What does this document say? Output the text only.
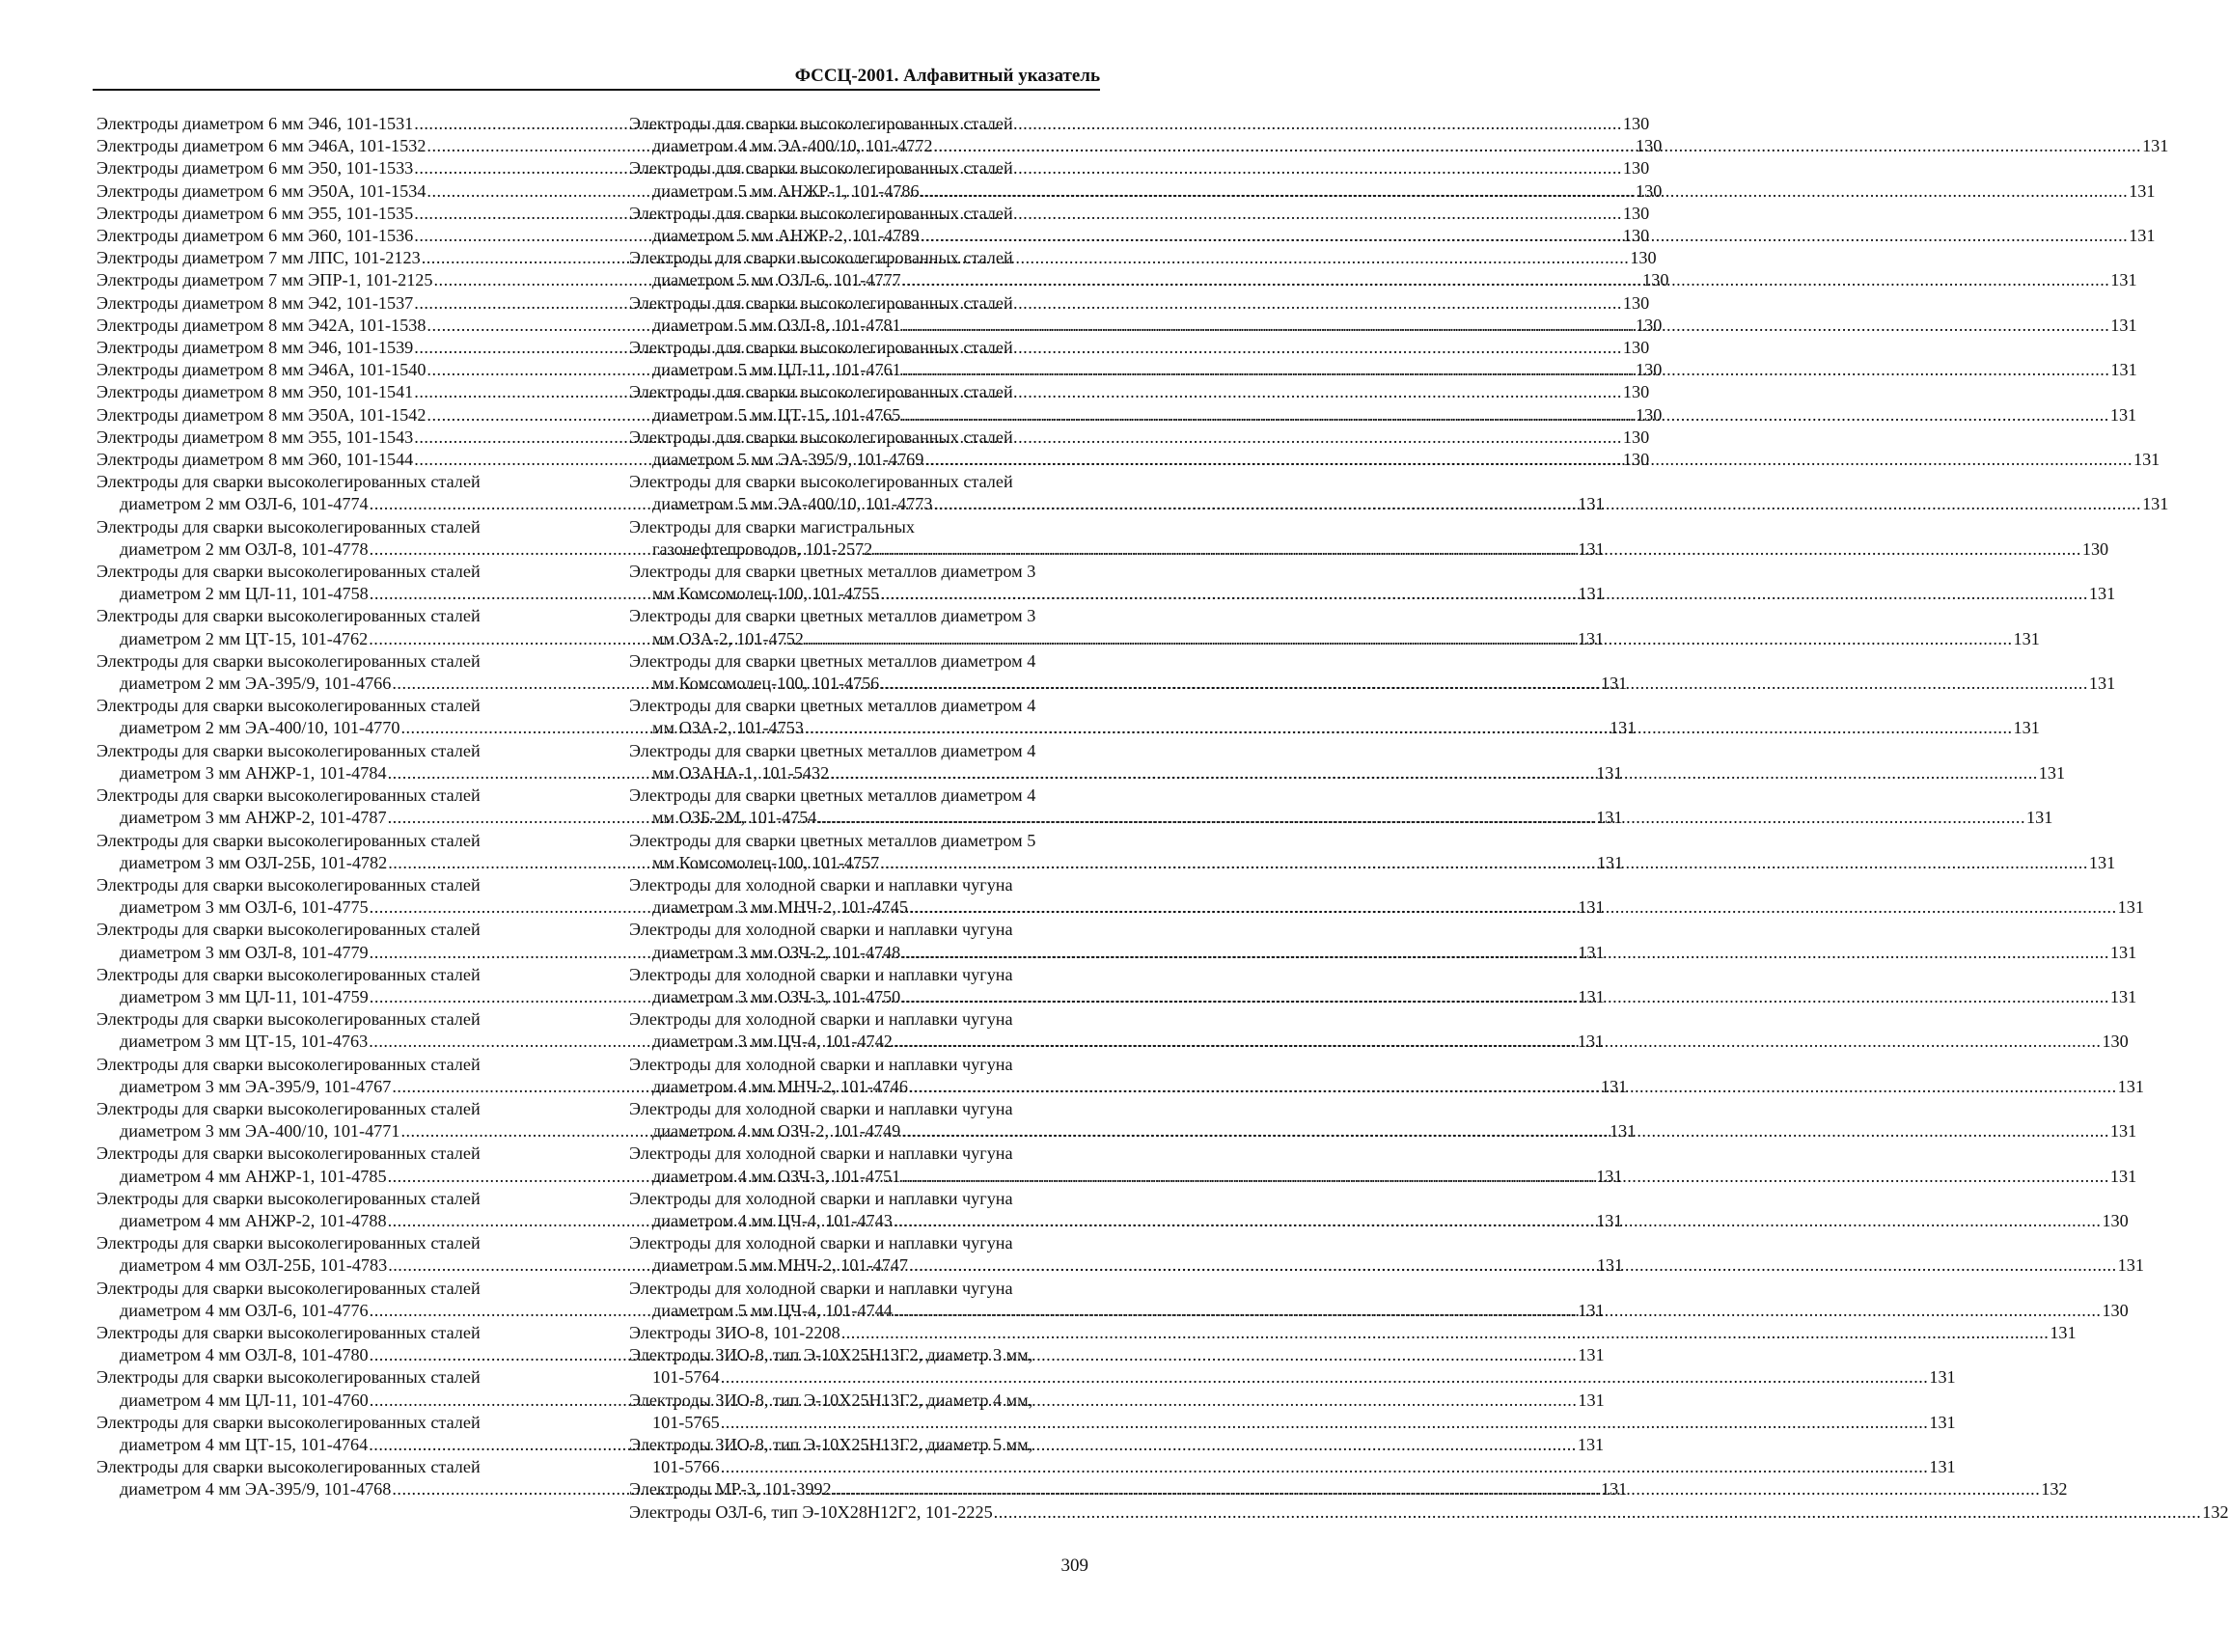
ФССЦ-2001. Алфавитный указатель
Электроды диаметром 6 мм Э46, 101-1531 .....	130
Электроды диаметром 6 мм Э46А, 101-1532 .....	130
Электроды диаметром 6 мм Э50, 101-1533 .....	130
Электроды диаметром 6 мм Э50А, 101-1534 .....	130
Электроды диаметром 6 мм Э55, 101-1535 .....	130
Электроды диаметром 6 мм Э60, 101-1536 .....	130
Электроды диаметром 7 мм ЛПС, 101-2123 .....	130
Электроды диаметром 7 мм ЭПР-1, 101-2125 .....	130
Электроды диаметром 8 мм Э42, 101-1537 .....	130
Электроды диаметром 8 мм Э42А, 101-1538 .....	130
Электроды диаметром 8 мм Э46, 101-1539 .....	130
Электроды диаметром 8 мм Э46А, 101-1540 .....	130
Электроды диаметром 8 мм Э50, 101-1541 .....	130
Электроды диаметром 8 мм Э50А, 101-1542 .....	130
Электроды диаметром 8 мм Э55, 101-1543 .....	130
Электроды диаметром 8 мм Э60, 101-1544 .....	130
Электроды для сварки высоколегированных сталей
диаметром 2 мм ОЗЛ-6, 101-4774 .....	131
Электроды для сварки высоколегированных сталей
диаметром 2 мм ОЗЛ-8, 101-4778 .....	131
Электроды для сварки высоколегированных сталей
диаметром 2 мм ЦЛ-11, 101-4758 .....	131
Электроды для сварки высоколегированных сталей
диаметром 2 мм ЦТ-15, 101-4762 .....	131
Электроды для сварки высоколегированных сталей
диаметром 2 мм ЭА-395/9, 101-4766 .....	131
Электроды для сварки высоколегированных сталей
диаметром 2 мм ЭА-400/10, 101-4770 .....	131
Электроды для сварки высоколегированных сталей
диаметром 3 мм АНЖР-1, 101-4784 .....	131
Электроды для сварки высоколегированных сталей
диаметром 3 мм АНЖР-2, 101-4787 .....	131
Электроды для сварки высоколегированных сталей
диаметром 3 мм ОЗЛ-25Б, 101-4782 .....	131
Электроды для сварки высоколегированных сталей
диаметром 3 мм ОЗЛ-6, 101-4775 .....	131
Электроды для сварки высоколегированных сталей
диаметром 3 мм ОЗЛ-8, 101-4779 .....	131
Электроды для сварки высоколегированных сталей
диаметром 3 мм ЦЛ-11, 101-4759 .....	131
Электроды для сварки высоколегированных сталей
диаметром 3 мм ЦТ-15, 101-4763 .....	131
Электроды для сварки высоколегированных сталей
диаметром 3 мм ЭА-395/9, 101-4767 .....	131
Электроды для сварки высоколегированных сталей
диаметром 3 мм ЭА-400/10, 101-4771 .....	131
Электроды для сварки высоколегированных сталей
диаметром 4 мм АНЖР-1, 101-4785 .....	131
Электроды для сварки высоколегированных сталей
диаметром 4 мм АНЖР-2, 101-4788 .....	131
Электроды для сварки высоколегированных сталей
диаметром 4 мм ОЗЛ-25Б, 101-4783 .....	131
Электроды для сварки высоколегированных сталей
диаметром 4 мм ОЗЛ-6, 101-4776 .....	131
Электроды для сварки высоколегированных сталей
диаметром 4 мм ОЗЛ-8, 101-4780 .....	131
Электроды для сварки высоколегированных сталей
диаметром 4 мм ЦЛ-11, 101-4760 .....	131
Электроды для сварки высоколегированных сталей
диаметром 4 мм ЦТ-15, 101-4764 .....	131
Электроды для сварки высоколегированных сталей
диаметром 4 мм ЭА-395/9, 101-4768 .....	131
Электроды для сварки высоколегированных сталей
диаметром 4 мм ЭА-400/10, 101-4772 .....	131
Электроды для сварки высоколегированных сталей
диаметром 5 мм АНЖР-1, 101-4786 .....	131
Электроды для сварки высоколегированных сталей
диаметром 5 мм АНЖР-2, 101-4789 .....	131
Электроды для сварки высоколегированных сталей
диаметром 5 мм ОЗЛ-6, 101-4777 .....	131
Электроды для сварки высоколегированных сталей
диаметром 5 мм ОЗЛ-8, 101-4781 .....	131
Электроды для сварки высоколегированных сталей
диаметром 5 мм ЦЛ-11, 101-4761 .....	131
Электроды для сварки высоколегированных сталей
диаметром 5 мм ЦТ-15, 101-4765 .....	131
Электроды для сварки высоколегированных сталей
диаметром 5 мм ЭА-395/9, 101-4769 .....	131
Электроды для сварки высоколегированных сталей
диаметром 5 мм ЭА-400/10, 101-4773 .....	131
Электроды для сварки магистральных
газонефтепроводов, 101-2572 .....	130
Электроды для сварки цветных металлов диаметром 3
мм Комсомолец-100, 101-4755 .....	131
Электроды для сварки цветных металлов диаметром 3
мм ОЗА-2, 101-4752 .....	131
Электроды для сварки цветных металлов диаметром 4
мм Комсомолец-100, 101-4756 .....	131
Электроды для сварки цветных металлов диаметром 4
мм ОЗА-2, 101-4753 .....	131
Электроды для сварки цветных металлов диаметром 4
мм ОЗАНА-1, 101-5432 .....	131
Электроды для сварки цветных металлов диаметром 4
мм ОЗБ-2М, 101-4754 .....	131
Электроды для сварки цветных металлов диаметром 5
мм Комсомолец-100, 101-4757 .....	131
Электроды для холодной сварки и наплавки чугуна
диаметром 3 мм МНЧ-2, 101-4745 .....	131
Электроды для холодной сварки и наплавки чугуна
диаметром 3 мм ОЗЧ-2, 101-4748 .....	131
Электроды для холодной сварки и наплавки чугуна
диаметром 3 мм ОЗЧ-3, 101-4750 .....	131
Электроды для холодной сварки и наплавки чугуна
диаметром 3 мм ЦЧ-4, 101-4742 .....	130
Электроды для холодной сварки и наплавки чугуна
диаметром 4 мм МНЧ-2, 101-4746 .....	131
Электроды для холодной сварки и наплавки чугуна
диаметром 4 мм ОЗЧ-2, 101-4749 .....	131
Электроды для холодной сварки и наплавки чугуна
диаметром 4 мм ОЗЧ-3, 101-4751 .....	131
Электроды для холодной сварки и наплавки чугуна
диаметром 4 мм ЦЧ-4, 101-4743 .....	130
Электроды для холодной сварки и наплавки чугуна
диаметром 5 мм МНЧ-2, 101-4747 .....	131
Электроды для холодной сварки и наплавки чугуна
диаметром 5 мм ЦЧ-4, 101-4744 .....	130
Электроды ЗИО-8, 101-2208 .....	131
Электроды ЗИО-8, тип Э-10Х25Н13Г2, диаметр 3 мм,
101-5764 .....	131
Электроды ЗИО-8, тип Э-10Х25Н13Г2, диаметр 4 мм,
101-5765 .....	131
Электроды ЗИО-8, тип Э-10Х25Н13Г2, диаметр 5 мм,
101-5766 .....	131
Электроды МР-3, 101-3992 .....	132
Электроды ОЗЛ-6, тип Э-10Х28Н12Г2, 101-2225 .....	132
309
